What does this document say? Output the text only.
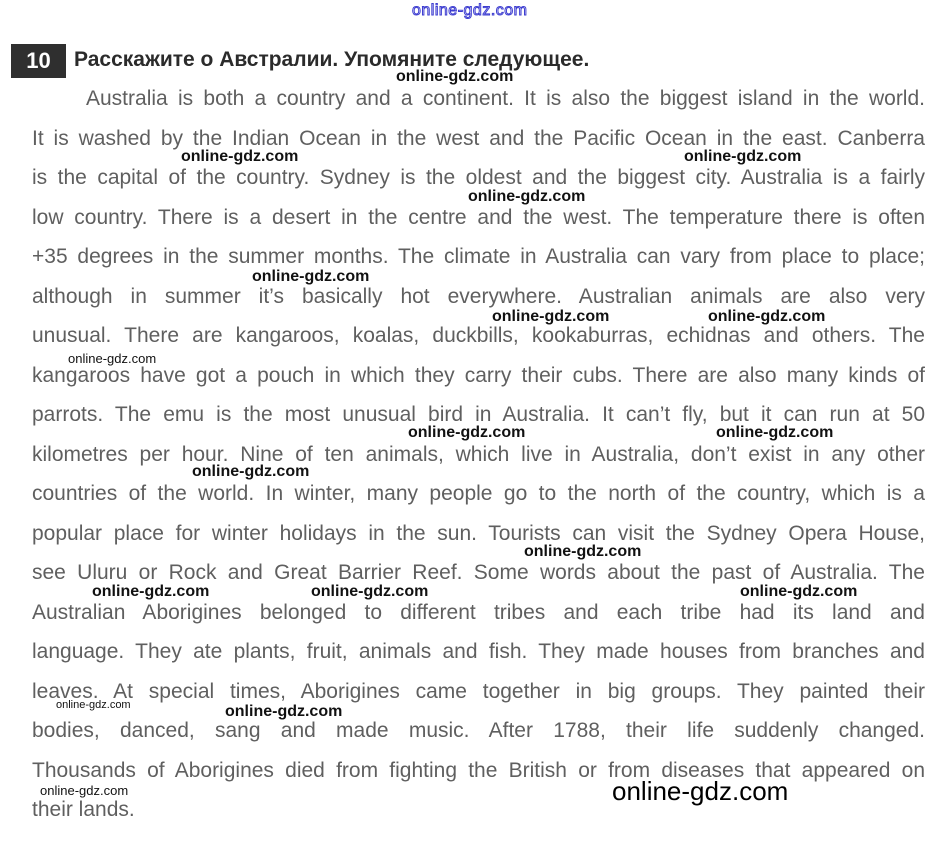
online-gdz.com
10	Расскажите о Австралии. Упомяните следующее.
Australia is both a country and a continent. It is also the biggest island in the world.
It is washed by the Indian Ocean in the west and the Pacific Ocean in the east. Canberra
is the capital of the country. Sydney is the oldest and the biggest city. Australia is a fairly
low country. There is a desert in the centre and the west. The temperature there is often
+35 degrees in the summer months. The climate in Australia can vary from place to place;
although in summer it’s basically hot everywhere. Australian animals are also very
unusual. There are kangaroos, koalas, duckbills, kookaburras, echidnas and others. The
kangaroos have got a pouch in which they carry their cubs. There are also many kinds of
parrots. The emu is the most unusual bird in Australia. It can’t fly, but it can run at 50
kilometres per hour. Nine of ten animals, which live in Australia, don’t exist in any other
countries of the world. In winter, many people go to the north of the country, which is a
popular place for winter holidays in the sun. Tourists can visit the Sydney Opera House,
see Uluru or Rock and Great Barrier Reef. Some words about the past of Australia. The
Australian Aborigines belonged to different tribes and each tribe had its land and
language. They ate plants, fruit, animals and fish. They made houses from branches and
leaves. At special times, Aborigines came together in big groups. They painted their
bodies, danced, sang and made music. After 1788, their life suddenly changed.
Thousands of Aborigines died from fighting the British or from diseases that appeared on
their lands.
online-gdz.com
online-gdz.com	online-gdz.com
online-gdz.com
online-gdz.com
online-gdz.com	online-gdz.com
online-gdz.com
online-gdz.com	online-gdz.com
online-gdz.com
online-gdz.com
online-gdz.com	online-gdz.com	online-gdz.com
online-gdz.com	online-gdz.com
online-gdz.com	online-gdz.com
